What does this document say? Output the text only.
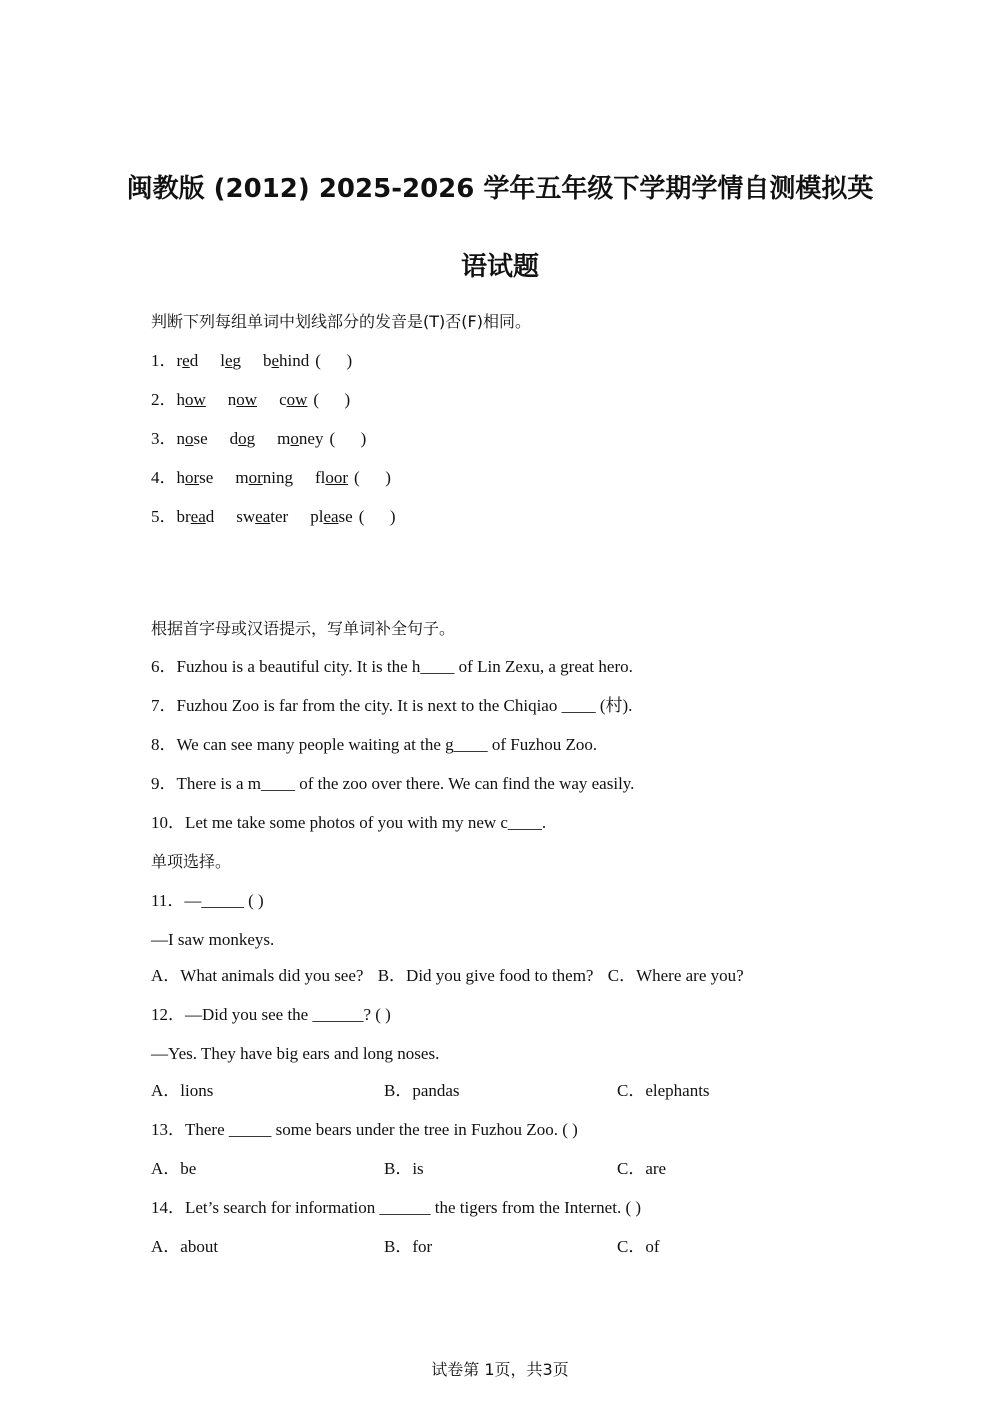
闽教版 (2012) 2025-2026 学年五年级下学期学情自测模拟英
语试题
判断下列每组单词中划线部分的发音是(T)否(F)相同。
1．red leg behind (      )
2．how now cow (      )
3．nose dog money (      )
4．horse morning floor (      )
5．bread sweater please (      )
根据首字母或汉语提示，写单词补全句子。
6．Fuzhou is a beautiful city. It is the h____ of Lin Zexu, a great hero.
7．Fuzhou Zoo is far from the city. It is next to the Chiqiao ____ (村).
8．We can see many people waiting at the g____ of Fuzhou Zoo.
9．There is a m____ of the zoo over there. We can find the way easily.
10．Let me take some photos of you with my new c____.
单项选择。
11．—_____ ( )
—I saw monkeys.
A．What animals did you see? B．Did you give food to them? C．Where are you?
12．—Did you see the ______? ( )
—Yes. They have big ears and long noses.
A．lions	B．pandas	C．elephants
13．There _____ some bears under the tree in Fuzhou Zoo. ( )
A．be	B．is	C．are
14．Let’s search for information ______ the tigers from the Internet. ( )
A．about	B．for	C．of
试卷第 1页，共3页
